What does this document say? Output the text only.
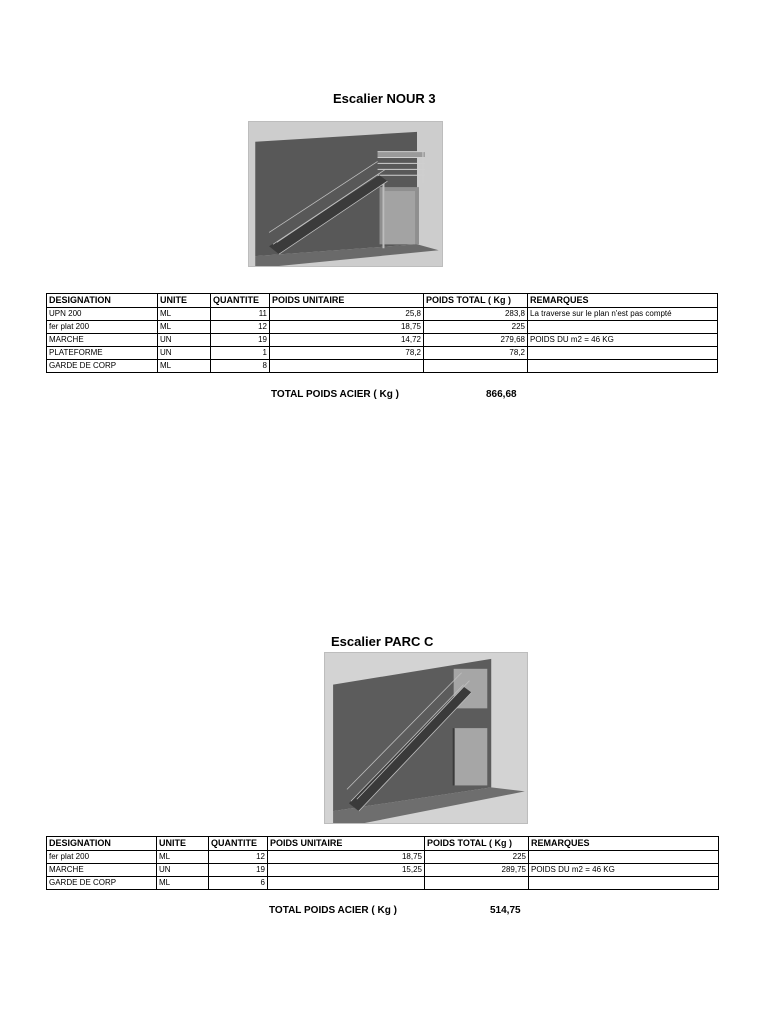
Escalier NOUR 3
DESIGNATION	UNITE	QUANTITE	POIDS UNITAIRE	POIDS TOTAL ( Kg )	REMARQUES
UPN 200	ML	11	25,8	283,8	La traverse sur le plan n'est pas compté
fer plat 200	ML	12	18,75	225	
MARCHE	UN	19	14,72	279,68	POIDS DU m2 = 46 KG
PLATEFORME	UN	1	78,2	78,2	
GARDE DE CORP	ML	8			
TOTAL POIDS ACIER ( Kg )	866,68
Escalier PARC C
DESIGNATION	UNITE	QUANTITE	POIDS UNITAIRE	POIDS TOTAL ( Kg )	REMARQUES
fer plat 200	ML	12	18,75	225	
MARCHE	UN	19	15,25	289,75	POIDS DU m2 = 46 KG
GARDE DE CORP	ML	6			
TOTAL POIDS ACIER ( Kg )	514,75
